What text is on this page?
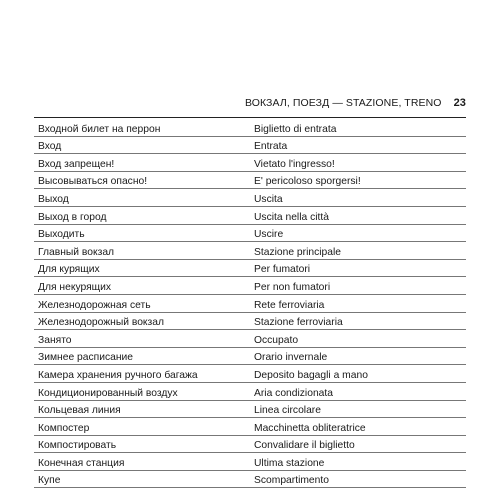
ВОКЗАЛ, ПОЕЗД — STAZIONE, TRENO 23
Входной билет на перрон	Biglietto di entrata
Вход	Entrata
Вход запрещен!	Vietato l'ingresso!
Высовываться опасно!	E' pericoloso sporgersi!
Выход	Uscita
Выход в город	Uscita nella città
Выходить	Uscire
Главный вокзал	Stazione principale
Для курящих	Per fumatori
Для некурящих	Per non fumatori
Железнодорожная сеть	Rete ferroviaria
Железнодорожный вокзал	Stazione ferroviaria
Занято	Occupato
Зимнее расписание	Orario invernale
Камера хранения ручного багажа	Deposito bagagli a mano
Кондиционированный воздух	Aria condizionata
Кольцевая линия	Linea circolare
Компостер	Macchinetta obliteratrice
Компостировать	Convalidare il biglietto
Конечная станция	Ultima stazione
Купе	Scompartimento
